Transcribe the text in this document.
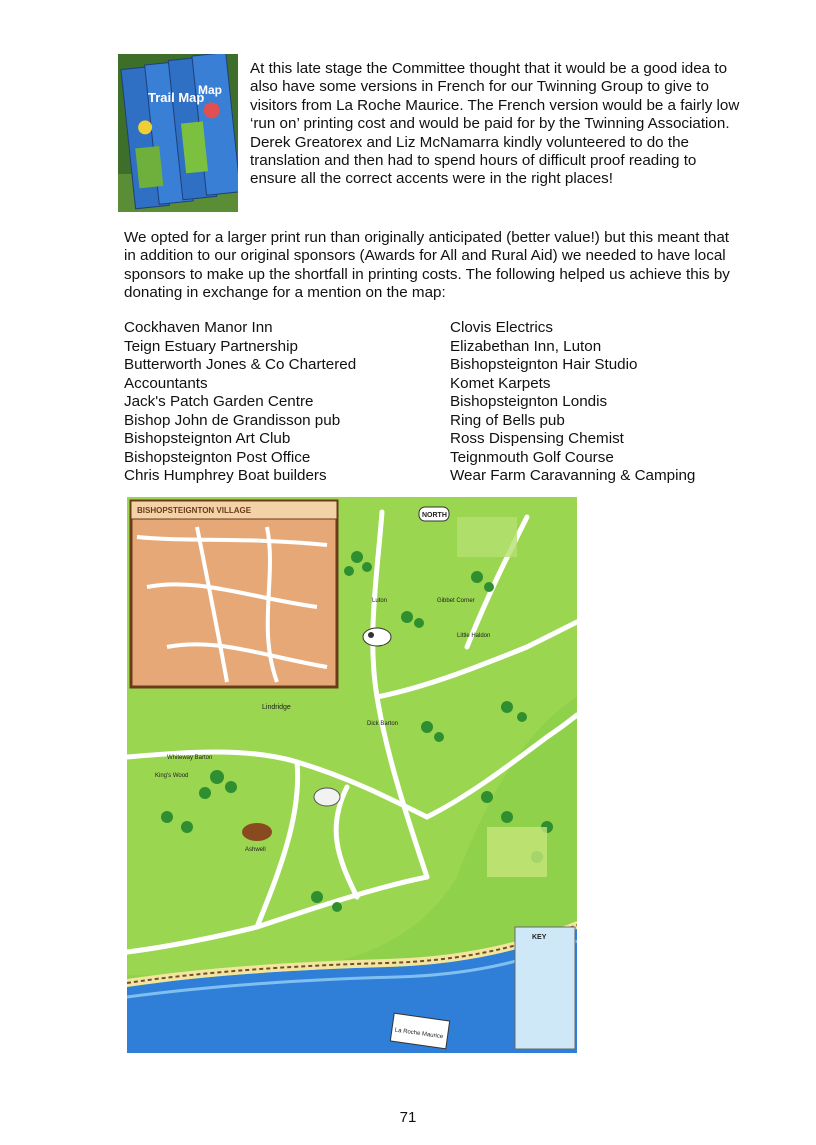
Trail Map
Map

At this late stage the Committee thought that it would be a good idea to also have some versions in French for our Twinning Group to give to visitors from La Roche Maurice. The French version would be a fairly low ‘run on’ printing cost and would be paid for by the Twinning Association. Derek Greatorex and Liz McNamarra kindly volunteered to do the translation and then had to spend hours of difficult proof reading to ensure all the correct accents were in the right places!

We opted for a larger print run than originally anticipated (better value!) but this meant that in addition to our original sponsors (Awards for All and Rural Aid) we needed to have local sponsors to make up the shortfall in printing costs. The following helped us achieve this by donating in exchange for a mention on the map:

Cockhaven Manor Inn
Teign Estuary Partnership
Butterworth Jones & Co Chartered
Accountants
Jack's Patch Garden Centre
Bishop John de Grandisson pub
Bishopsteignton Art Club
Bishopsteignton Post Office
Chris Humphrey Boat builders
Clovis Electrics
Elizabethan Inn, Luton
Bishopsteignton Hair Studio
Komet Karpets
Bishopsteignton Londis
Ring of Bells pub
Ross Dispensing Chemist
Teignmouth Golf Course
Wear Farm Caravanning & Camping
BISHOPSTEIGNTON VILLAGE
NORTH
Lindridge
Luton	Gibbet Corner
Dick Barton
King's Wood
Whiteway Barton
Ashwell
Little Haldon
La Roche Maurice
KEY
71
